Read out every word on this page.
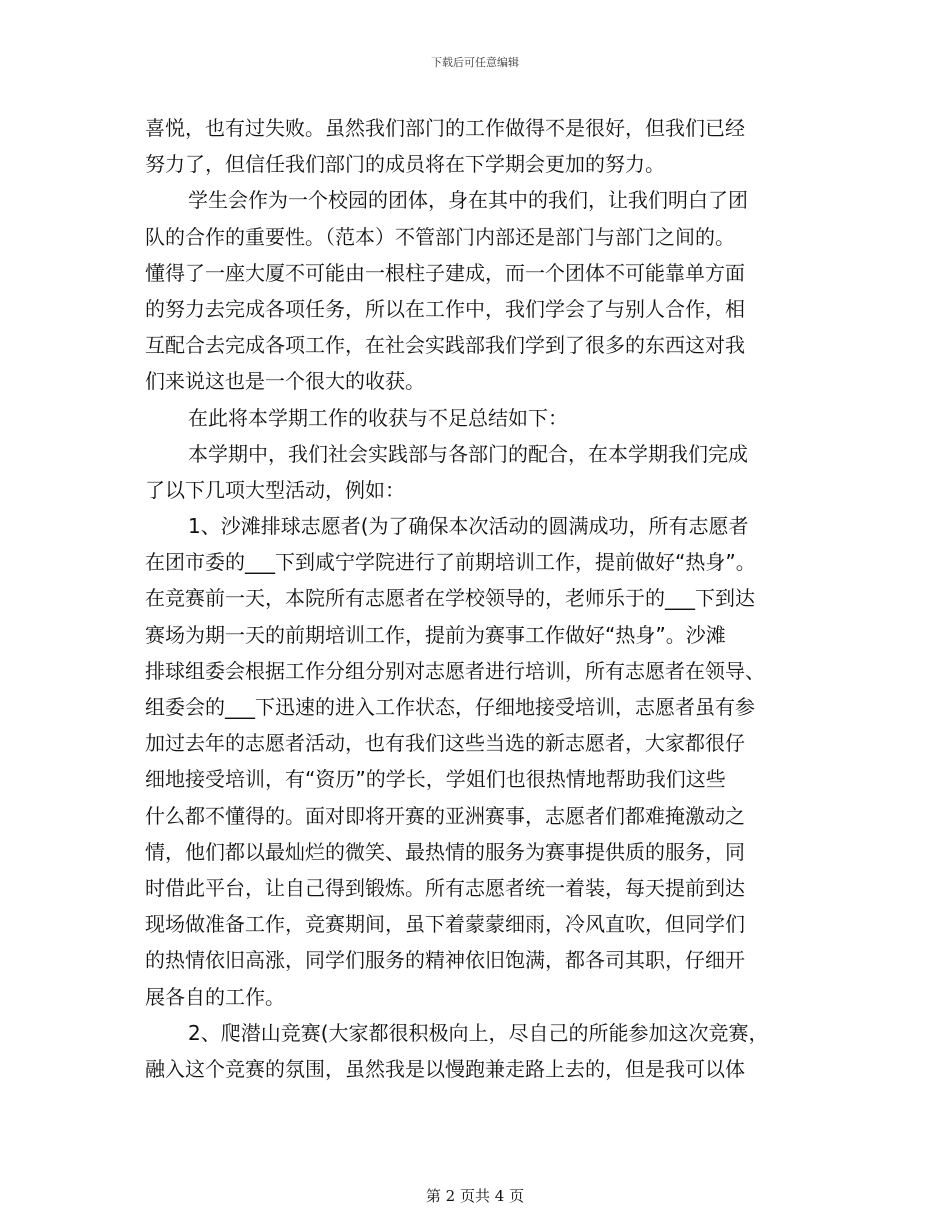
下载后可任意编辑
喜悦，也有过失败。虽然我们部门的工作做得不是很好，但我们已经
努力了，但信任我们部门的成员将在下学期会更加的努力。
学生会作为一个校园的团体，身在其中的我们，让我们明白了团
队的合作的重要性。（范本）不管部门内部还是部门与部门之间的。
懂得了一座大厦不可能由一根柱子建成，而一个团体不可能靠单方面
的努力去完成各项任务，所以在工作中，我们学会了与别人合作，相
互配合去完成各项工作，在社会实践部我们学到了很多的东西这对我
们来说这也是一个很大的收获。
在此将本学期工作的收获与不足总结如下：
本学期中，我们社会实践部与各部门的配合，在本学期我们完成
了以下几项大型活动，例如：
1、沙滩排球志愿者(为了确保本次活动的圆满成功，所有志愿者
在团市委的___下到咸宁学院进行了前期培训工作，提前做好“热身”。
在竞赛前一天，本院所有志愿者在学校领导的，老师乐于的___下到达
赛场为期一天的前期培训工作，提前为赛事工作做好“热身”。沙滩
排球组委会根据工作分组分别对志愿者进行培训，所有志愿者在领导、
组委会的___下迅速的进入工作状态，仔细地接受培训，志愿者虽有参
加过去年的志愿者活动，也有我们这些当选的新志愿者，大家都很仔
细地接受培训，有“资历”的学长，学姐们也很热情地帮助我们这些
什么都不懂得的。面对即将开赛的亚洲赛事，志愿者们都难掩激动之
情，他们都以最灿烂的微笑、最热情的服务为赛事提供质的服务，同
时借此平台，让自己得到锻炼。所有志愿者统一着装，每天提前到达
现场做准备工作，竞赛期间，虽下着蒙蒙细雨，冷风直吹，但同学们
的热情依旧高涨，同学们服务的精神依旧饱满，都各司其职，仔细开
展各自的工作。
2、爬潜山竞赛(大家都很积极向上，尽自己的所能参加这次竞赛，
融入这个竞赛的氛围，虽然我是以慢跑兼走路上去的，但是我可以体
第 2 页共 4 页
